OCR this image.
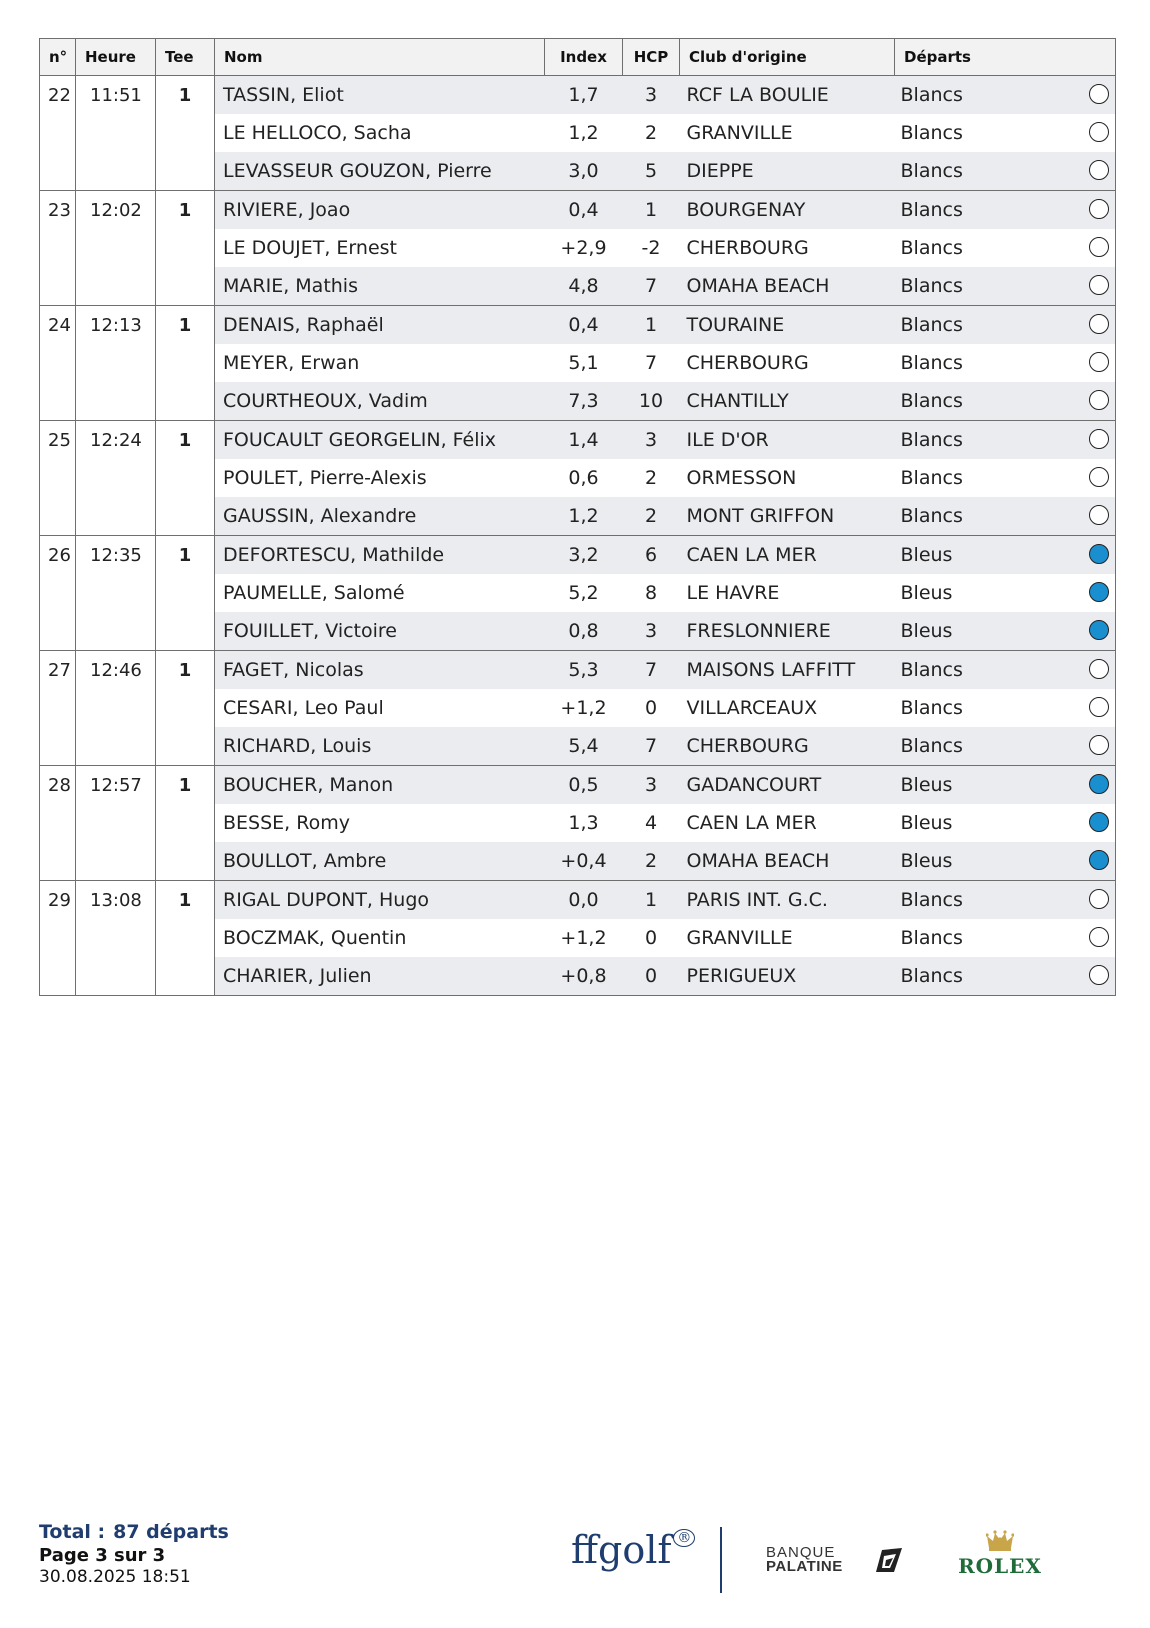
n°	Heure	Tee	Nom	Index	HCP	Club d'origine	Départs
22	11:51	1	TASSIN, Eliot	1,7	3	RCF LA BOULIE	Blancs

			LE HELLOCO, Sacha	1,2	2	GRANVILLE	Blancs

			LEVASSEUR GOUZON, Pierre	3,0	5	DIEPPE	Blancs

23	12:02	1	RIVIERE, Joao	0,4	1	BOURGENAY	Blancs

			LE DOUJET, Ernest	+2,9	-2	CHERBOURG	Blancs

			MARIE, Mathis	4,8	7	OMAHA BEACH	Blancs

24	12:13	1	DENAIS, Raphaël	0,4	1	TOURAINE	Blancs

			MEYER, Erwan	5,1	7	CHERBOURG	Blancs

			COURTHEOUX, Vadim	7,3	10	CHANTILLY	Blancs

25	12:24	1	FOUCAULT GEORGELIN, Félix	1,4	3	ILE D'OR	Blancs

			POULET, Pierre-Alexis	0,6	2	ORMESSON	Blancs

			GAUSSIN, Alexandre	1,2	2	MONT GRIFFON	Blancs

26	12:35	1	DEFORTESCU, Mathilde	3,2	6	CAEN LA MER	Bleus

			PAUMELLE, Salomé	5,2	8	LE HAVRE	Bleus

			FOUILLET, Victoire	0,8	3	FRESLONNIERE	Bleus

27	12:46	1	FAGET, Nicolas	5,3	7	MAISONS LAFFITT	Blancs

			CESARI, Leo Paul	+1,2	0	VILLARCEAUX	Blancs

			RICHARD, Louis	5,4	7	CHERBOURG	Blancs

28	12:57	1	BOUCHER, Manon	0,5	3	GADANCOURT	Bleus

			BESSE, Romy	1,3	4	CAEN LA MER	Bleus

			BOULLOT, Ambre	+0,4	2	OMAHA BEACH	Bleus

29	13:08	1	RIGAL DUPONT, Hugo	0,0	1	PARIS INT. G.C.	Blancs

			BOCZMAK, Quentin	+1,2	0	GRANVILLE	Blancs

			CHARIER, Julien	+0,8	0	PERIGUEUX	Blancs
Total : 87 départs
Page 3 sur 3
30.08.2025 18:51
ffgolf ®
BANQUE
PALATINE	ROLEX
